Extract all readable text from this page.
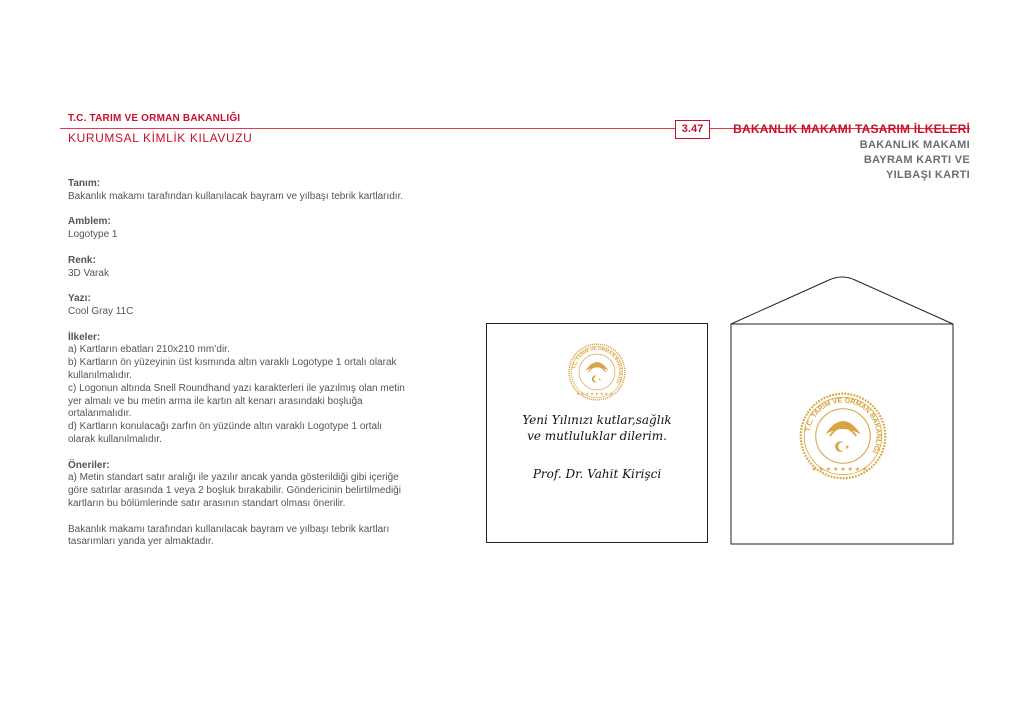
T.C. TARIM VE ORMAN BAKANLIĞI
KURUMSAL KİMLİK KILAVUZU
3.47	BAKANLIK MAKAMI TASARIM İLKELERİ
BAKANLIK MAKAMI
BAYRAM KARTI VE
YILBAŞI KARTI

Tanım:
Bakanlık makamı tarafından kullanılacak bayram ve yılbaşı tebrik kartlarıdır.

Amblem:
Logotype 1

Renk:
3D Varak

Yazı:
Cool Gray 11C

İlkeler:
a) Kartların ebatları 210x210 mm’dir.
b) Kartların ön yüzeyinin üst kısmında altın varaklı Logotype 1 ortalı olarak kullanılmalıdır.
c) Logonun altında Snell Roundhand yazı karakterleri ile yazılmış olan metin yer almalı ve bu metin arma ile kartın alt kenarı arasındaki boşluğa ortalanmalıdır.
d) Kartların konulacağı zarfın ön yüzünde altın varaklı Logotype 1 ortalı olarak kullanılmalıdır.

Öneriler:
a) Metin standart satır aralığı ile yazılır ancak yanda gösterildiği gibi içeriğe göre satırlar arasında 1 veya 2 boşluk bırakabilir. Göndericinin belirtilmediği kartların bu bölümlerinde satır arasının standart olması önerilir.

Bakanlık makamı tarafından kullanılacak bayram ve yılbaşı tebrik kartları tasarımları yanda yer almaktadır.

T.C. TARIM VE ORMAN BAKANLIĞI
★
★ ★ ★ ★ ★ ★ ★ ★
Yeni Yılınızı kutlar,sağlık
ve mutluluklar dilerim.
Prof. Dr. Vahit Kirişci
T.C. TARIM VE ORMAN BAKANLIĞI
★
★ ★ ★ ★ ★ ★ ★ ★
